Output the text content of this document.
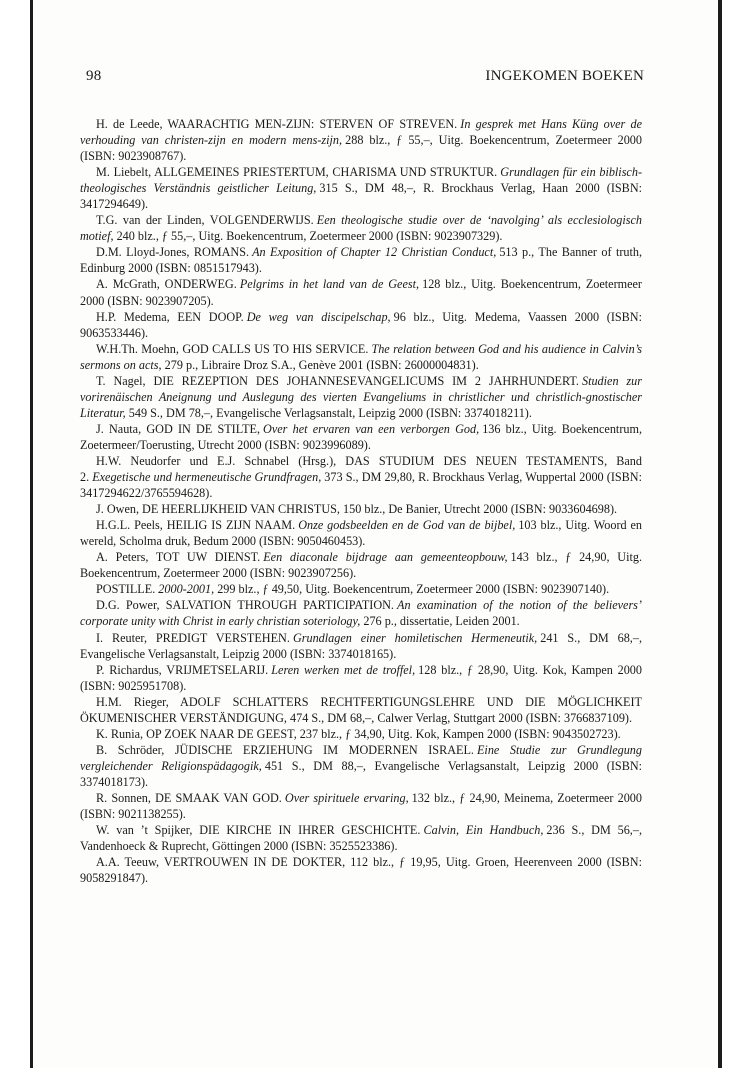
98	INGEKOMEN BOEKEN

H. de Leede, WAARACHTIG MEN-ZIJN: STERVEN OF STREVEN. In gesprek met Hans Küng over de verhouding van christen-zijn en modern mens-zijn, 288 blz., ƒ 55,–, Uitg. Boekencentrum, Zoetermeer 2000 (ISBN: 9023908767).

M. Liebelt, ALLGEMEINES PRIESTERTUM, CHARISMA UND STRUKTUR. Grundlagen für ein biblisch-theologisches Verständnis geistlicher Leitung, 315 S., DM 48,–, R. Brockhaus Verlag, Haan 2000 (ISBN: 3417294649).

T.G. van der Linden, VOLGENDERWIJS. Een theologische studie over de ‘navolging’ als ecclesiologisch motief, 240 blz., ƒ 55,–, Uitg. Boekencentrum, Zoetermeer 2000 (ISBN: 9023907329).

D.M. Lloyd-Jones, ROMANS. An Exposition of Chapter 12 Christian Conduct, 513 p., The Banner of truth, Edinburg 2000 (ISBN: 0851517943).

A. McGrath, ONDERWEG. Pelgrims in het land van de Geest, 128 blz., Uitg. Boekencentrum, Zoetermeer 2000 (ISBN: 9023907205).

H.P. Medema, EEN DOOP. De weg van discipelschap, 96 blz., Uitg. Medema, Vaassen 2000 (ISBN: 9063533446).

W.H.Th. Moehn, GOD CALLS US TO HIS SERVICE. The relation between God and his audience in Calvin’s sermons on acts, 279 p., Libraire Droz S.A., Genève 2001 (ISBN: 26000004831).

T. Nagel, DIE REZEPTION DES JOHANNESEVANGELICUMS IM 2 JAHRHUNDERT. Studien zur vorirenäischen Aneignung und Auslegung des vierten Evangeliums in christlicher und christlich-gnostischer Literatur, 549 S., DM 78,–, Evangelische Verlagsanstalt, Leipzig 2000 (ISBN: 3374018211).

J. Nauta, GOD IN DE STILTE, Over het ervaren van een verborgen God, 136 blz., Uitg. Boekencentrum, Zoetermeer/Toerusting, Utrecht 2000 (ISBN: 9023996089).

H.W. Neudorfer und E.J. Schnabel (Hrsg.), DAS STUDIUM DES NEUEN TESTAMENTS, Band 2. Exegetische und hermeneutische Grundfragen, 373 S., DM 29,80, R. Brockhaus Verlag, Wuppertal 2000 (ISBN: 3417294622/3765594628).

J. Owen, DE HEERLIJKHEID VAN CHRISTUS, 150 blz., De Banier, Utrecht 2000 (ISBN: 9033604698).

H.G.L. Peels, HEILIG IS ZIJN NAAM. Onze godsbeelden en de God van de bijbel, 103 blz., Uitg. Woord en wereld, Scholma druk, Bedum 2000 (ISBN: 9050460453).

A. Peters, TOT UW DIENST. Een diaconale bijdrage aan gemeenteopbouw, 143 blz., ƒ 24,90, Uitg. Boekencentrum, Zoetermeer 2000 (ISBN: 9023907256).

POSTILLE. 2000-2001, 299 blz., ƒ 49,50, Uitg. Boekencentrum, Zoetermeer 2000 (ISBN: 9023907140).

D.G. Power, SALVATION THROUGH PARTICIPATION. An examination of the notion of the believers’ corporate unity with Christ in early christian soteriology, 276 p., dissertatie, Leiden 2001.

I. Reuter, PREDIGT VERSTEHEN. Grundlagen einer homiletischen Hermeneutik, 241 S., DM 68,–, Evangelische Verlagsanstalt, Leipzig 2000 (ISBN: 3374018165).

P. Richardus, VRIJMETSELARIJ. Leren werken met de troffel, 128 blz., ƒ 28,90, Uitg. Kok, Kampen 2000 (ISBN: 9025951708).

H.M. Rieger, ADOLF SCHLATTERS RECHTFERTIGUNGSLEHRE UND DIE MÖGLICHKEIT ÖKUMENISCHER VERSTÄNDIGUNG, 474 S., DM 68,–, Calwer Verlag, Stuttgart 2000 (ISBN: 3766837109).

K. Runia, OP ZOEK NAAR DE GEEST, 237 blz., ƒ 34,90, Uitg. Kok, Kampen 2000 (ISBN: 9043502723).

B. Schröder, JÜDISCHE ERZIEHUNG IM MODERNEN ISRAEL. Eine Studie zur Grundlegung vergleichender Religionspädagogik, 451 S., DM 88,–, Evangelische Verlagsanstalt, Leipzig 2000 (ISBN: 3374018173).

R. Sonnen, DE SMAAK VAN GOD. Over spirituele ervaring, 132 blz., ƒ 24,90, Meinema, Zoetermeer 2000 (ISBN: 9021138255).

W. van ’t Spijker, DIE KIRCHE IN IHRER GESCHICHTE. Calvin, Ein Handbuch, 236 S., DM 56,–, Vandenhoeck & Ruprecht, Göttingen 2000 (ISBN: 3525523386).

A.A. Teeuw, VERTROUWEN IN DE DOKTER, 112 blz., ƒ 19,95, Uitg. Groen, Heerenveen 2000 (ISBN: 9058291847).
